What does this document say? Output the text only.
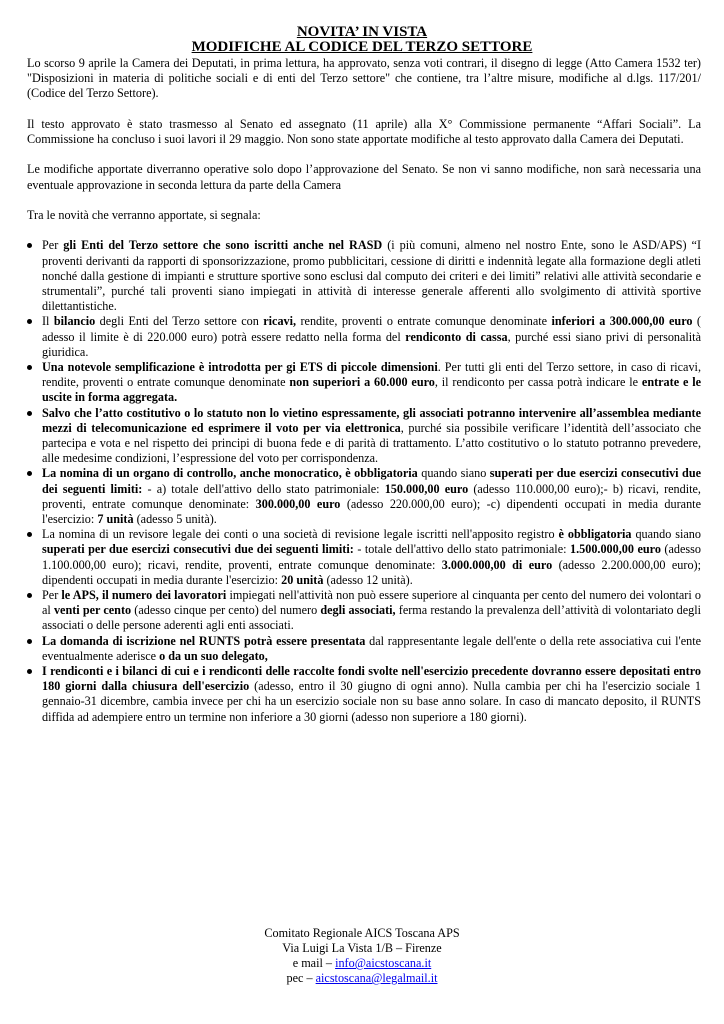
NOVITA’ IN VISTA
MODIFICHE AL CODICE DEL TERZO SETTORE

Lo scorso 9 aprile la Camera dei Deputati, in prima lettura, ha approvato, senza voti contrari, il disegno di legge (Atto Camera 1532 ter) "Disposizioni in materia di politiche sociali e di enti del Terzo settore" che contiene, tra l’altre misure, modifiche al d.lgs. 117/201/ (Codice del Terzo Settore).

Il testo approvato è stato trasmesso al Senato ed assegnato (11 aprile) alla X° Commissione permanente “Affari Sociali”. La Commissione ha concluso i suoi lavori il 29 maggio. Non sono state apportate modifiche al testo approvato dalla Camera dei Deputati.

Le modifiche apportate diverranno operative solo dopo l’approvazione del Senato. Se non vi sanno modifiche, non sarà necessaria una eventuale approvazione in seconda lettura da parte della Camera

Tra le novità che verranno apportate, si segnala:

Per gli Enti del Terzo settore che sono iscritti anche nel RASD (i più comuni, almeno nel nostro Ente, sono le ASD/APS) “I proventi derivanti da rapporti di sponsorizzazione, promo pubblicitari, cessione di diritti e indennità legate alla formazione degli atleti nonché dalla gestione di impianti e strutture sportive sono esclusi dal computo dei criteri e dei limiti” relativi alle attività secondarie e strumentali”, purché tali proventi siano impiegati in attività di interesse generale afferenti allo svolgimento di attività sportive dilettantistiche.
Il bilancio degli Enti del Terzo settore con ricavi, rendite, proventi o entrate comunque denominate inferiori a 300.000,00 euro ( adesso il limite è di 220.000 euro) potrà essere redatto nella forma del rendiconto di cassa, purché essi siano privi di personalità giuridica.
Una notevole semplificazione è introdotta per gi ETS di piccole dimensioni. Per tutti gli enti del Terzo settore, in caso di ricavi, rendite, proventi o entrate comunque denominate non superiori a 60.000 euro, il rendiconto per cassa potrà indicare le entrate e le uscite in forma aggregata.
Salvo che l’atto costitutivo o lo statuto non lo vietino espressamente, gli associati potranno intervenire all’assemblea mediante mezzi di telecomunicazione ed esprimere il voto per via elettronica, purché sia possibile verificare l’identità dell’associato che partecipa e vota e nel rispetto dei principi di buona fede e di parità di trattamento. L’atto costitutivo o lo statuto potranno prevedere, alle medesime condizioni, l’espressione del voto per corrispondenza.
La nomina di un organo di controllo, anche monocratico, è obbligatoria quando siano superati per due esercizi consecutivi due dei seguenti limiti: - a) totale dell'attivo dello stato patrimoniale: 150.000,00 euro (adesso 110.000,00 euro);- b) ricavi, rendite, proventi, entrate comunque denominate: 300.000,00 euro (adesso 220.000,00 euro); -c) dipendenti occupati in media durante l'esercizio: 7 unità (adesso 5 unità).
La nomina di un revisore legale dei conti o una società di revisione legale iscritti nell'apposito registro è obbligatoria quando siano superati per due esercizi consecutivi due dei seguenti limiti: - totale dell'attivo dello stato patrimoniale: 1.500.000,00 euro (adesso 1.100.000,00 euro); ricavi, rendite, proventi, entrate comunque denominate: 3.000.000,00 di euro (adesso 2.200.000,00 euro); dipendenti occupati in media durante l'esercizio: 20 unità (adesso 12 unità).
Per le APS, il numero dei lavoratori impiegati nell'attività non può essere superiore al cinquanta per cento del numero dei volontari o al venti per cento (adesso cinque per cento) del numero degli associati, ferma restando la prevalenza dell’attività di volontariato degli associati o delle persone aderenti agli enti associati.
La domanda di iscrizione nel RUNTS potrà essere presentata dal rappresentante legale dell'ente o della rete associativa cui l'ente eventualmente aderisce o da un suo delegato,
I rendiconti e i bilanci di cui e i rendiconti delle raccolte fondi svolte nell'esercizio precedente dovranno essere depositati entro 180 giorni dalla chiusura dell'esercizio (adesso, entro il 30 giugno di ogni anno). Nulla cambia per chi ha l'esercizio sociale 1 gennaio-31 dicembre, cambia invece per chi ha un esercizio sociale non su base anno solare. In caso di mancato deposito, il RUNTS diffida ad adempiere entro un termine non inferiore a 30 giorni (adesso non superiore a 180 giorni).
Comitato Regionale AICS Toscana APS
Via Luigi La Vista 1/B – Firenze
e mail – info@aicstoscana.it
pec – aicstoscana@legalmail.it
